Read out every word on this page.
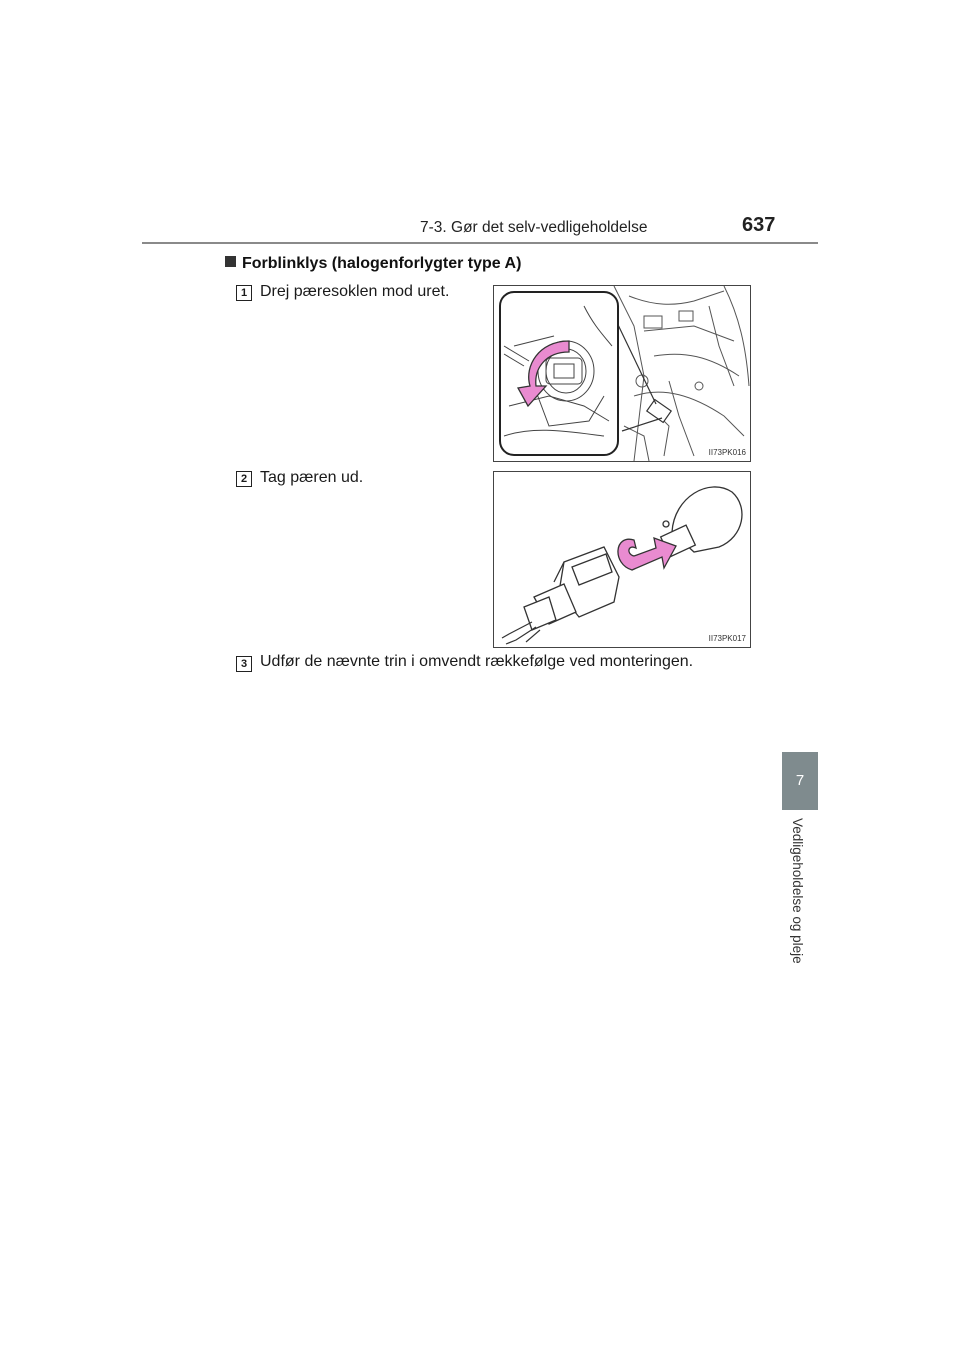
7-3. Gør det selv-vedligeholdelse	637
7
Vedligeholdelse og pleje
Forblinklys (halogenforlygter type A)
1 Drej pæresoklen mod uret.
II73PK016
2 Tag pæren ud.
II73PK017
3 Udfør de nævnte trin i omvendt rækkefølge ved monteringen.
